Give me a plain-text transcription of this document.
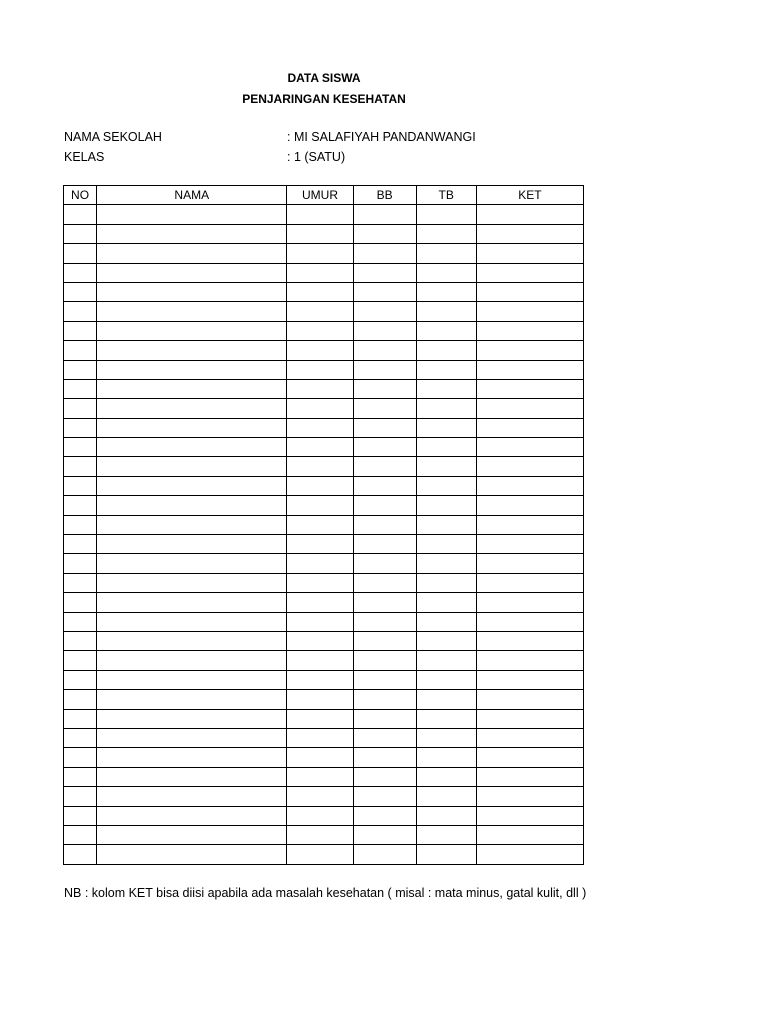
DATA SISWA
PENJARINGAN KESEHATAN
NAMA SEKOLAH	: MI SALAFIYAH PANDANWANGI
KELAS	: 1 (SATU)
NO	NAMA	UMUR	BB	TB	KET

NB : kolom KET bisa diisi apabila ada masalah kesehatan ( misal : mata minus, gatal kulit, dll )
